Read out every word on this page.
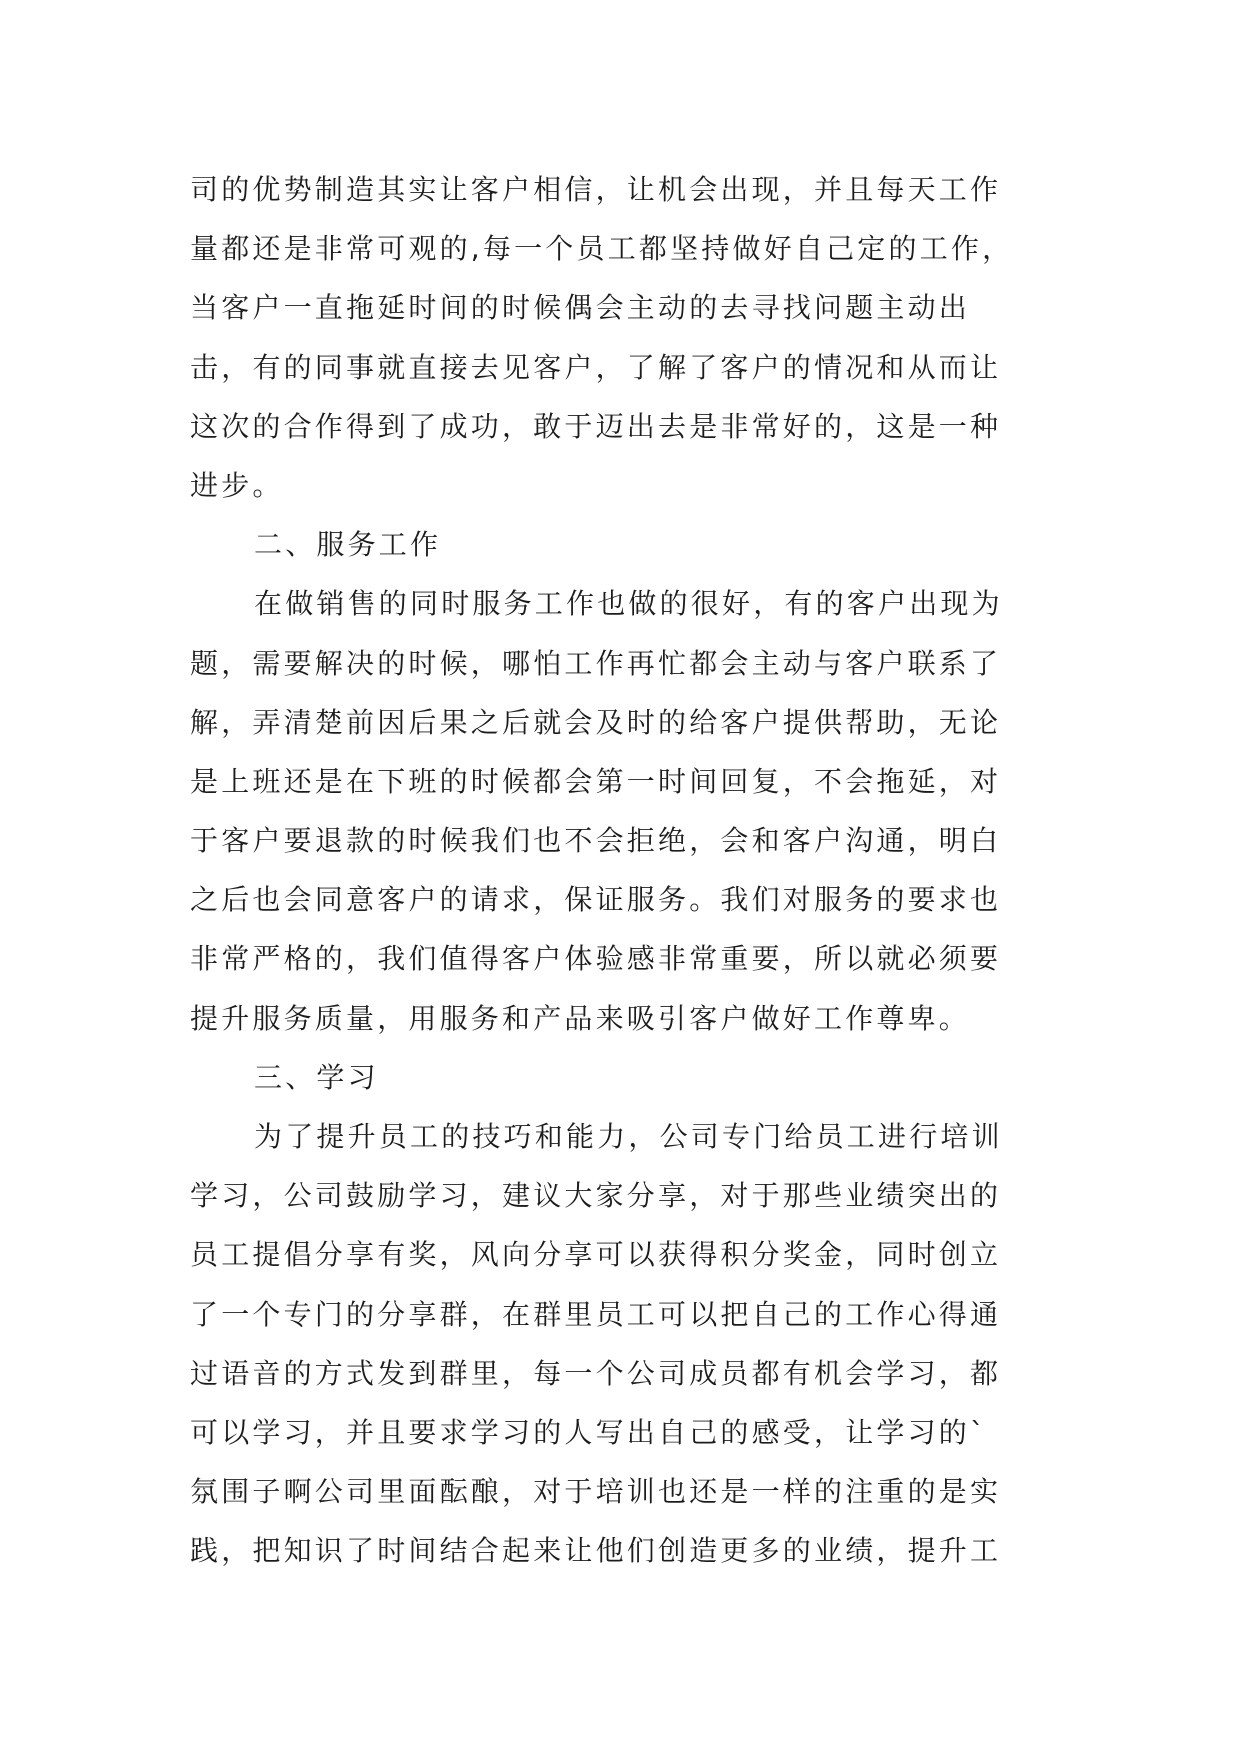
司的优势制造其实让客户相信，让机会出现，并且每天工作
量都还是非常可观的,每一个员工都坚持做好自己定的工作，
当客户一直拖延时间的时候偶会主动的去寻找问题主动出
击，有的同事就直接去见客户，了解了客户的情况和从而让
这次的合作得到了成功，敢于迈出去是非常好的，这是一种
进步。
二、服务工作
在做销售的同时服务工作也做的很好，有的客户出现为
题，需要解决的时候，哪怕工作再忙都会主动与客户联系了
解，弄清楚前因后果之后就会及时的给客户提供帮助，无论
是上班还是在下班的时候都会第一时间回复，不会拖延，对
于客户要退款的时候我们也不会拒绝，会和客户沟通，明白
之后也会同意客户的请求，保证服务。我们对服务的要求也
非常严格的，我们值得客户体验感非常重要，所以就必须要
提升服务质量，用服务和产品来吸引客户做好工作尊卑。
三、学习
为了提升员工的技巧和能力，公司专门给员工进行培训
学习，公司鼓励学习，建议大家分享，对于那些业绩突出的
员工提倡分享有奖，风向分享可以获得积分奖金，同时创立
了一个专门的分享群，在群里员工可以把自己的工作心得通
过语音的方式发到群里，每一个公司成员都有机会学习，都
可以学习，并且要求学习的人写出自己的感受，让学习的`
氛围子啊公司里面酝酿，对于培训也还是一样的注重的是实
践，把知识了时间结合起来让他们创造更多的业绩，提升工
